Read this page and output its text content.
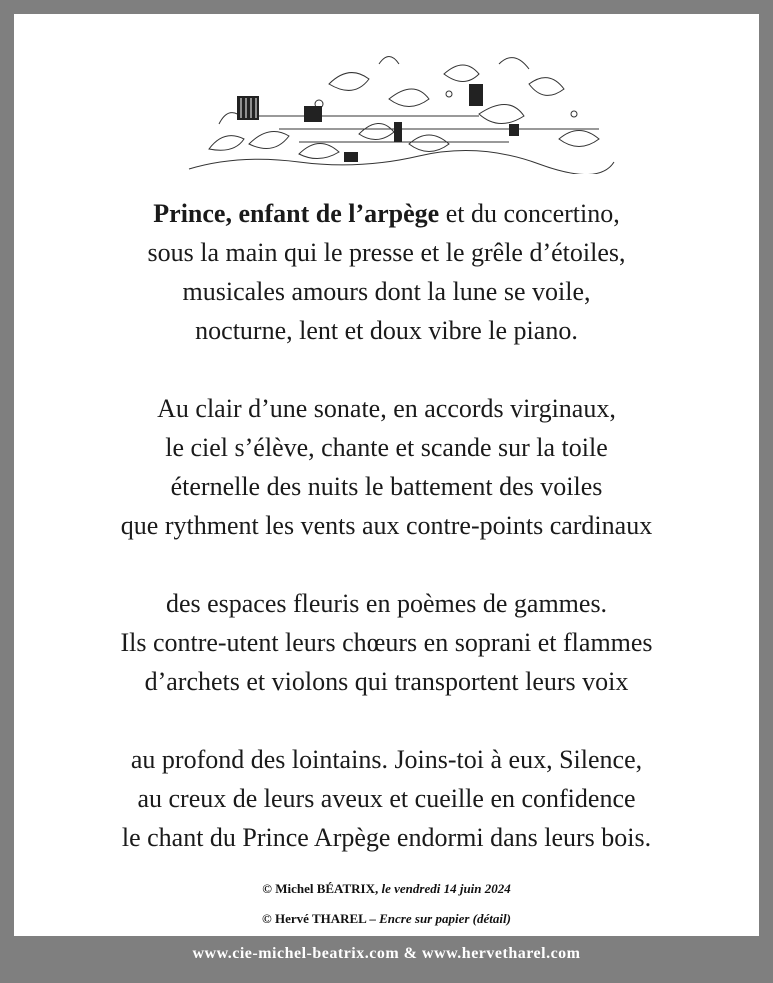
Prince, enfant de l’arpège et du concertino,
sous la main qui le presse et le grêle d’étoiles,
musicales amours dont la lune se voile,
nocturne, lent et doux vibre le piano.
Au clair d’une sonate, en accords virginaux,
le ciel s’élève, chante et scande sur la toile
éternelle des nuits le battement des voiles
que rythment les vents aux contre-points cardinaux
des espaces fleuris en poèmes de gammes.
Ils contre-utent leurs chœurs en soprani et flammes
d’archets et violons qui transportent leurs voix
au profond des lointains. Joins-toi à eux, Silence,
au creux de leurs aveux et cueille en confidence
le chant du Prince Arpège endormi dans leurs bois.
© Michel BÉATRIX, le vendredi 14 juin 2024
© Hervé THAREL – Encre sur papier (détail)
www.cie-michel-beatrix.com & www.hervetharel.com
